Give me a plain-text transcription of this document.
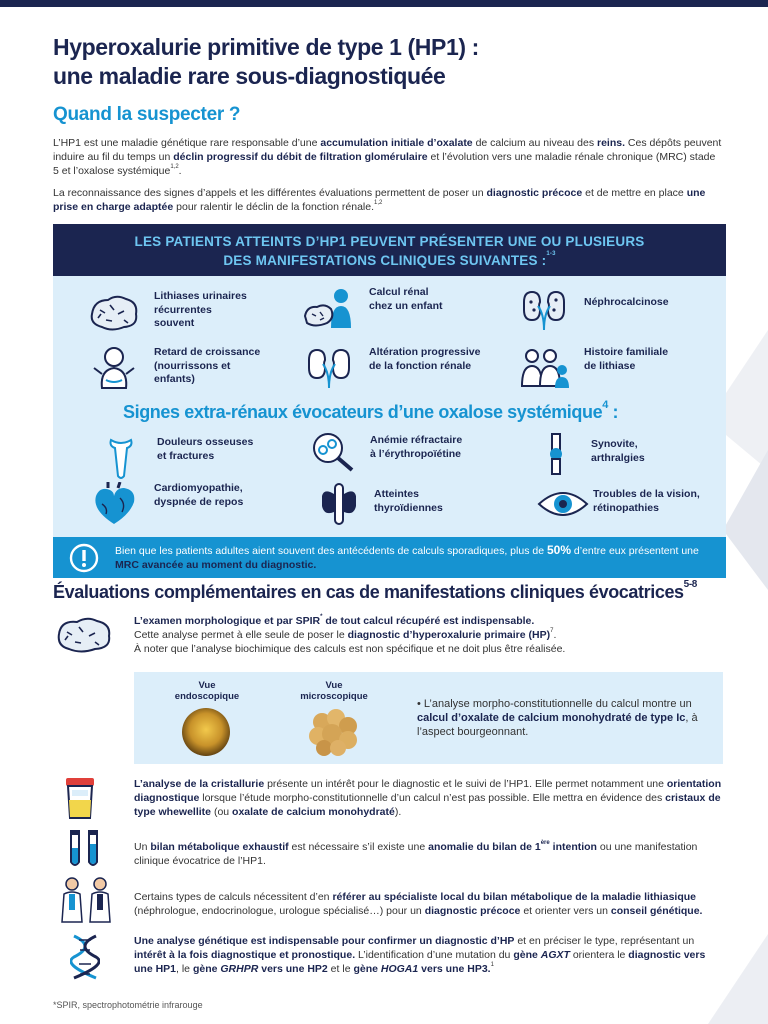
Hyperoxalurie primitive de type 1 (HP1) :
une maladie rare sous-diagnostiquée
Quand la suspecter ?
L’HP1 est une maladie génétique rare responsable d’une accumulation initiale d’oxalate de calcium au niveau des reins. Ces dépôts peuvent induire au fil du temps un déclin progressif du débit de filtration glomérulaire et l’évolution vers une maladie rénale chronique (MRC) stade 5 et l’oxalose systémique$^{1,2}$.
La reconnaissance des signes d’appels et les différentes évaluations permettent de poser un diagnostic précoce et de mettre en place une prise en charge adaptée pour ralentir le déclin de la fonction rénale.$^{1,2}$
LES PATIENTS ATTEINTS D’HP1 PEUVENT PRÉSENTER UNE OU PLUSIEURS
DES MANIFESTATIONS CLINIQUES SUIVANTES :$^{1-3}$
Lithiases urinaires
récurrentes
souvent
Calcul rénal
chez un enfant	Néphrocalcinose
Retard de croissance
(nourrissons et
enfants)
Altération progressive
de la fonction rénale
Histoire familiale
de lithiase
Signes extra-rénaux évocateurs d’une oxalose systémique$^4$ :
Douleurs osseuses
et fractures
Anémie réfractaire
à l’érythropoïétine
Synovite,
arthralgies
Cardiomyopathie,
dyspnée de repos
Atteintes
thyroïdiennes
Troubles de la vision,
rétinopathies
Bien que les patients adultes aient souvent des antécédents de calculs sporadiques, plus de 50% d’entre eux présentent une MRC avancée au moment du diagnostic.
Évaluations complémentaires en cas de manifestations cliniques évocatrices$^{5-8}$
L’examen morphologique et par SPIR* de tout calcul récupéré est indispensable.
Cette analyse permet à elle seule de poser le diagnostic d’hyperoxalurie primaire (HP)$^7$.
À noter que l’analyse biochimique des calculs est non spécifique et ne doit plus être réalisée.
Vue
endoscopique
Vue
microscopique
• L’analyse morpho-constitutionnelle du calcul montre un calcul d’oxalate de calcium monohydraté de type Ic, à l’aspect bourgeonnant.
L’analyse de la cristallurie présente un intérêt pour le diagnostic et le suivi de l’HP1. Elle permet notamment une orientation diagnostique lorsque l’étude morpho-constitutionnelle d’un calcul n’est pas possible. Elle mettra en évidence des cristaux de type whewellite (ou oxalate de calcium monohydraté).
Un bilan métabolique exhaustif est nécessaire s’il existe une anomalie du bilan de 1ère intention ou une manifestation clinique évocatrice de l’HP1.
Certains types de calculs nécessitent d’en référer au spécialiste local du bilan métabolique de la maladie lithiasique (néphrologue, endocrinologue, urologue spécialisé…) pour un diagnostic précoce et orienter vers un conseil génétique.
Une analyse génétique est indispensable pour confirmer un diagnostic d’HP et en préciser le type, représentant un intérêt à la fois diagnostique et pronostique. L’identification d’une mutation du gène AGXT orientera le diagnostic vers une HP1, le gène GRHPR vers une HP2 et le gène HOGA1 vers une HP3.$^1$
*SPIR, spectrophotométrie infrarouge
